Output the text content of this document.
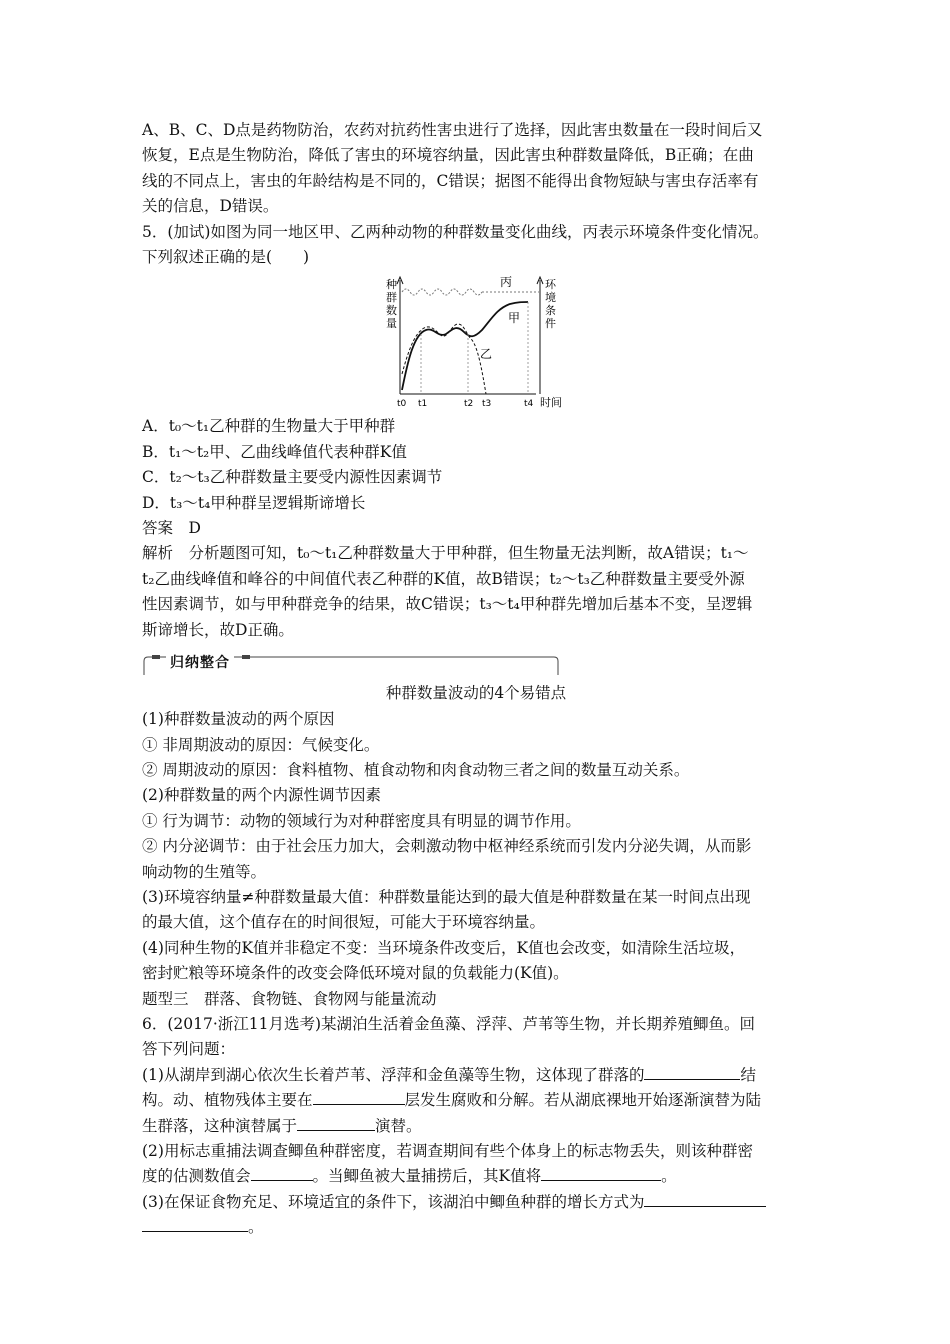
A、B、C、D点是药物防治，农药对抗药性害虫进行了选择，因此害虫数量在一段时间后又
恢复，E点是生物防治，降低了害虫的环境容纳量，因此害虫种群数量降低，B正确；在曲
线的不同点上，害虫的年龄结构是不同的，C错误；据图不能得出食物短缺与害虫存活率有
关的信息，D错误。
5．(加试)如图为同一地区甲、乙两种动物的种群数量变化曲线，丙表示环境条件变化情况。
下列叙述正确的是(　　)
种
群
数
量
环
境
条
件
丙
甲
乙
t0 t1	t2 t3	t4 时间
A．t₀～t₁乙种群的生物量大于甲种群
B．t₁～t₂甲、乙曲线峰值代表种群K值
C．t₂～t₃乙种群数量主要受内源性因素调节
D．t₃～t₄甲种群呈逻辑斯谛增长
答案　D
解析　分析题图可知，t₀～t₁乙种群数量大于甲种群，但生物量无法判断，故A错误；t₁～
t₂乙曲线峰值和峰谷的中间值代表乙种群的K值，故B错误；t₂～t₃乙种群数量主要受外源
性因素调节，如与甲种群竞争的结果，故C错误；t₃～t₄甲种群先增加后基本不变，呈逻辑
斯谛增长，故D正确。
归纳整合
种群数量波动的4个易错点
(1)种群数量波动的两个原因
① 非周期波动的原因：气候变化。
② 周期波动的原因：食料植物、植食动物和肉食动物三者之间的数量互动关系。
(2)种群数量的两个内源性调节因素
① 行为调节：动物的领域行为对种群密度具有明显的调节作用。
② 内分泌调节：由于社会压力加大，会刺激动物中枢神经系统而引发内分泌失调，从而影
响动物的生殖等。
(3)环境容纳量≠种群数量最大值：种群数量能达到的最大值是种群数量在某一时间点出现
的最大值，这个值存在的时间很短，可能大于环境容纳量。
(4)同种生物的K值并非稳定不变：当环境条件改变后，K值也会改变，如清除生活垃圾，
密封贮粮等环境条件的改变会降低环境对鼠的负载能力(K值)。
题型三　群落、食物链、食物网与能量流动
6．(2017·浙江11月选考)某湖泊生活着金鱼藻、浮萍、芦苇等生物，并长期养殖鲫鱼。回
答下列问题：
(1)从湖岸到湖心依次生长着芦苇、浮萍和金鱼藻等生物，这体现了群落的	结
构。动、植物残体主要在	层发生腐败和分解。若从湖底裸地开始逐渐演替为陆
生群落，这种演替属于	演替。
(2)用标志重捕法调查鲫鱼种群密度，若调查期间有些个体身上的标志物丢失，则该种群密
度的估测数值会	。当鲫鱼被大量捕捞后，其K值将	。
(3)在保证食物充足、环境适宜的条件下，该湖泊中鲫鱼种群的增长方式为
。
